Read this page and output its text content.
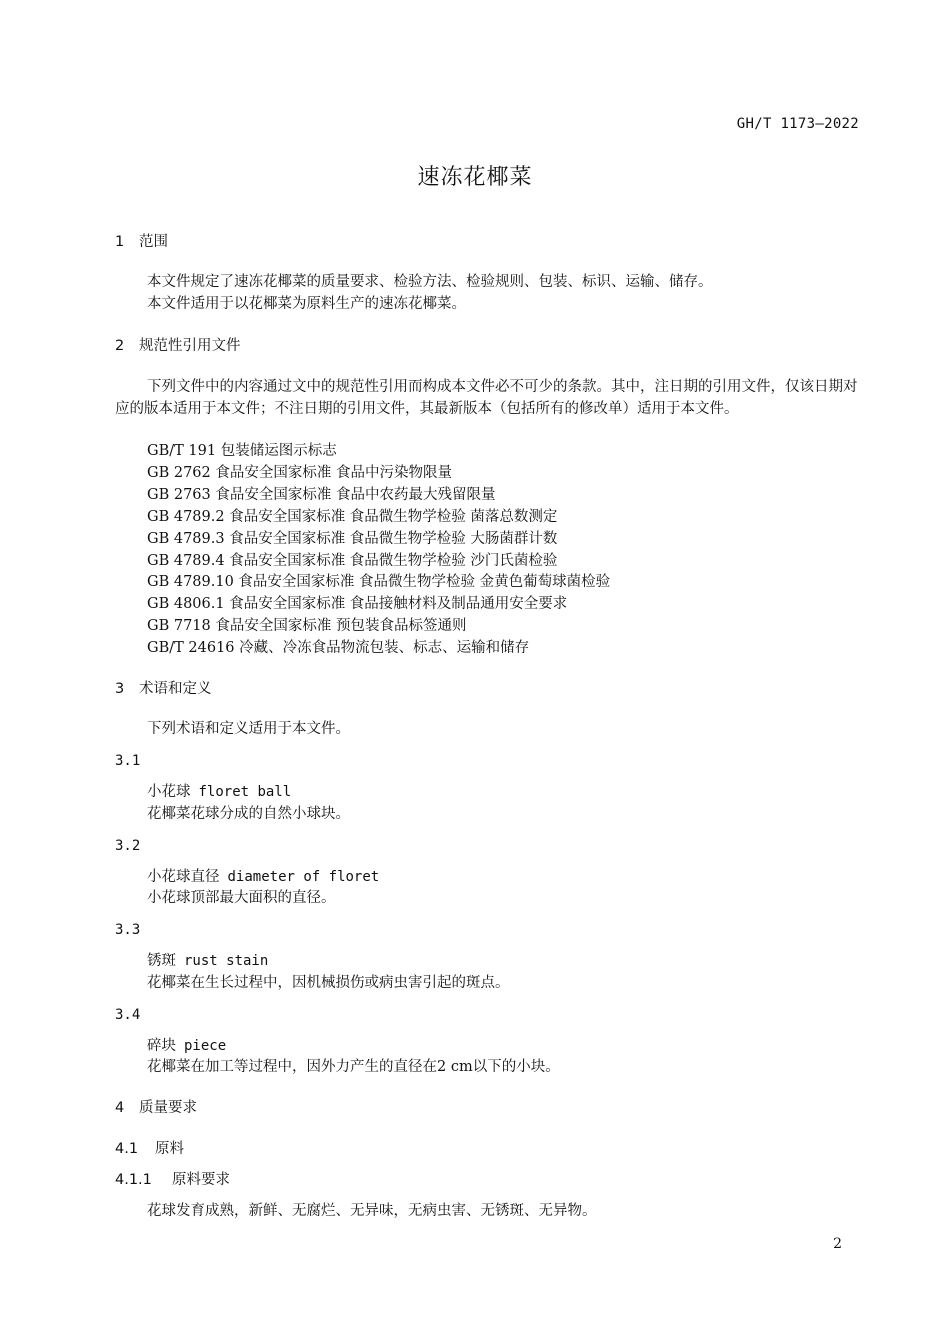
GH/T 1173—2022
速冻花椰菜
1 范围
本文件规定了速冻花椰菜的质量要求、检验方法、检验规则、包装、标识、运输、储存。
本文件适用于以花椰菜为原料生产的速冻花椰菜。
2 规范性引用文件
下列文件中的内容通过文中的规范性引用而构成本文件必不可少的条款。其中，注日期的引用文件，仅该日期对应的版本适用于本文件；不注日期的引用文件，其最新版本（包括所有的修改单）适用于本文件。
GB/T 191 包装储运图示标志
GB 2762 食品安全国家标准 食品中污染物限量
GB 2763 食品安全国家标准 食品中农药最大残留限量
GB 4789.2 食品安全国家标准 食品微生物学检验 菌落总数测定
GB 4789.3 食品安全国家标准 食品微生物学检验 大肠菌群计数
GB 4789.4 食品安全国家标准 食品微生物学检验 沙门氏菌检验
GB 4789.10 食品安全国家标准 食品微生物学检验 金黄色葡萄球菌检验
GB 4806.1 食品安全国家标准 食品接触材料及制品通用安全要求
GB 7718 食品安全国家标准 预包装食品标签通则
GB/T 24616 冷藏、冷冻食品物流包装、标志、运输和储存
3 术语和定义
下列术语和定义适用于本文件。
3.1
小花球 floret ball
花椰菜花球分成的自然小球块。
3.2
小花球直径 diameter of floret
小花球顶部最大面积的直径。
3.3
锈斑 rust stain
花椰菜在生长过程中，因机械损伤或病虫害引起的斑点。
3.4
碎块 piece
花椰菜在加工等过程中，因外力产生的直径在2 cm以下的小块。
4 质量要求
4.1 原料
4.1.1 原料要求
花球发育成熟，新鲜、无腐烂、无异味，无病虫害、无锈斑、无异物。
2
